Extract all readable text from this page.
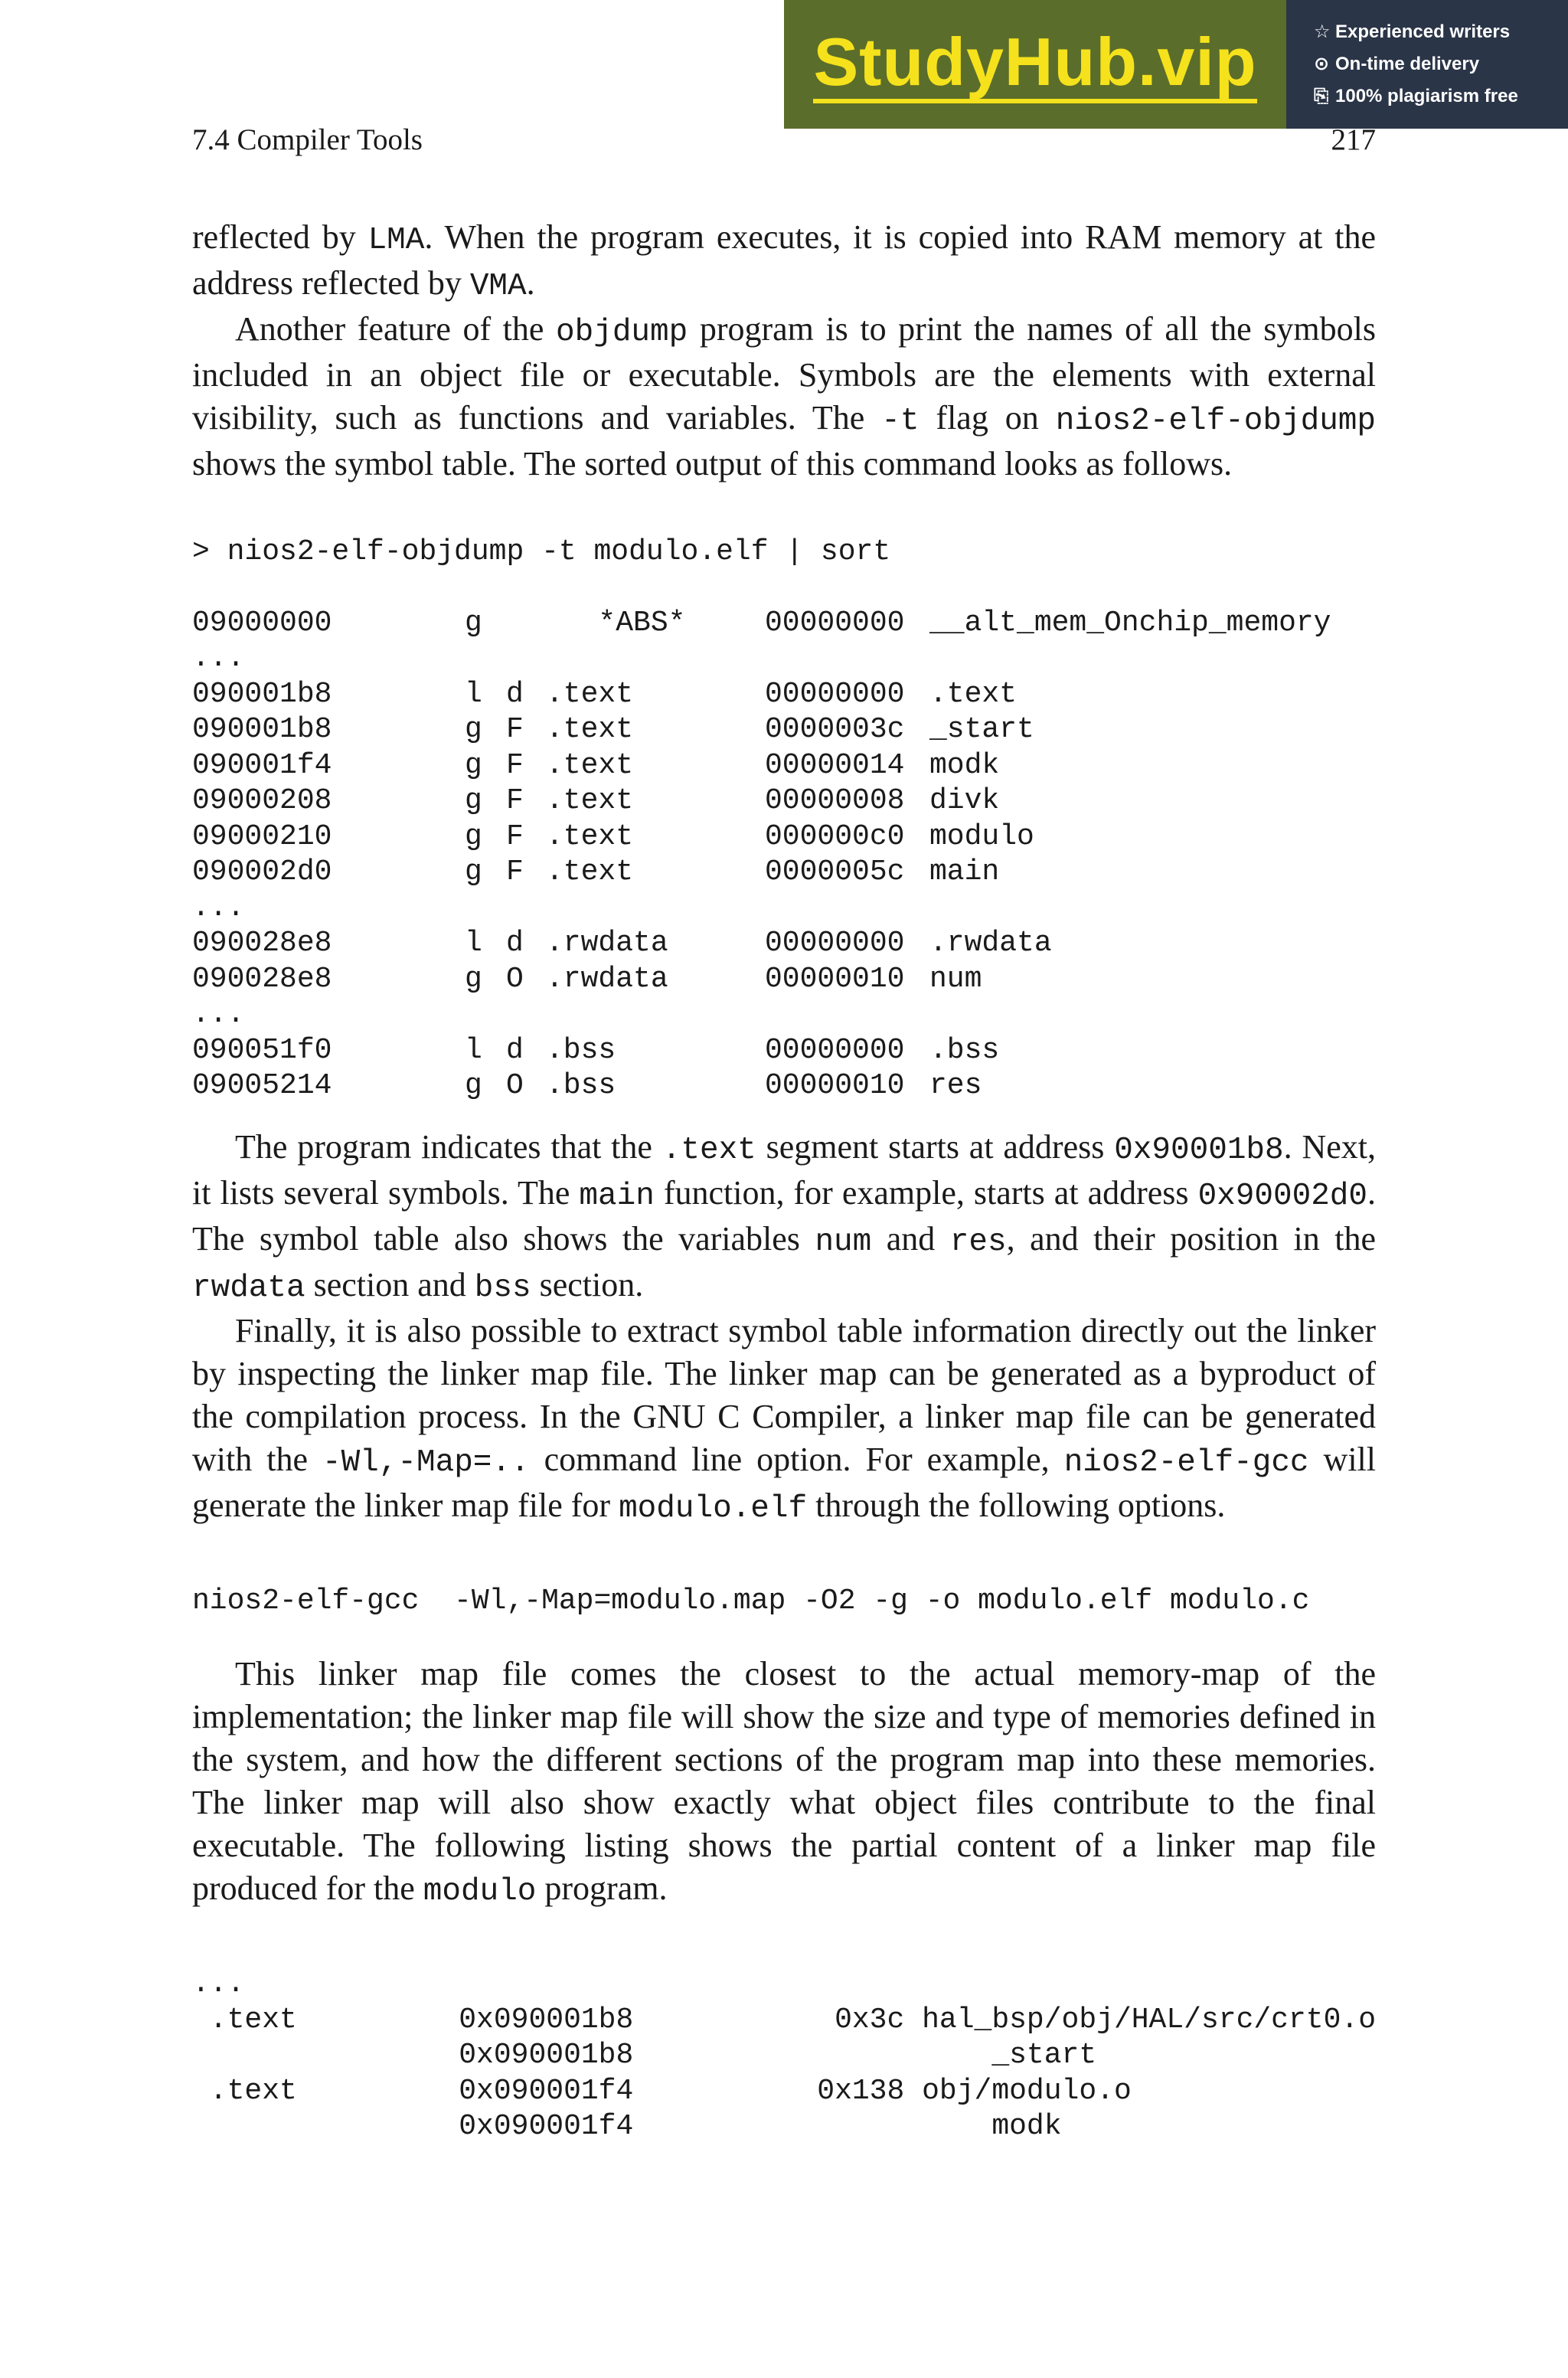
StudyHub.vip	☆ Experienced writers
⊙ On-time delivery
⎘ 100% plagiarism free
7.4 Compiler Tools	217

reflected by LMA. When the program executes, it is copied into RAM memory at the address reflected by VMA.

Another feature of the objdump program is to print the names of all the symbols included in an object file or executable. Symbols are the elements with external visibility, such as functions and variables. The -t flag on nios2-elf-objdump shows the symbol table. The sorted output of this command looks as follows.

> nios2-elf-objdump -t modulo.elf | sort

09000000	g		*ABS*	00000000	__alt_mem_Onchip_memory
...					
090001b8	l	d	.text	00000000	.text
090001b8	g	F	.text	0000003c	_start
090001f4	g	F	.text	00000014	modk
09000208	g	F	.text	00000008	divk
09000210	g	F	.text	000000c0	modulo
090002d0	g	F	.text	0000005c	main
...					
090028e8	l	d	.rwdata	00000000	.rwdata
090028e8	g	O	.rwdata	00000010	num
...					
090051f0	l	d	.bss	00000000	.bss
09005214	g	O	.bss	00000010	res

The program indicates that the .text segment starts at address 0x90001b8. Next, it lists several symbols. The main function, for example, starts at address 0x90002d0. The symbol table also shows the variables num and res, and their position in the rwdata section and bss section.

Finally, it is also possible to extract symbol table information directly out the linker by inspecting the linker map file. The linker map can be generated as a byproduct of the compilation process. In the GNU C Compiler, a linker map file can be generated with the -Wl,-Map=.. command line option. For example, nios2-elf-gcc will generate the linker map file for modulo.elf through the following options.

nios2-elf-gcc  -Wl,-Map=modulo.map -O2 -g -o modulo.elf modulo.c

This linker map file comes the closest to the actual memory-map of the implementation; the linker map file will show the size and type of memories defined in the system, and how the different sections of the program map into these memories. The linker map will also show exactly what object files contribute to the final executable. The following listing shows the partial content of a linker map file produced for the modulo program.

...			
.text	0x090001b8	0x3c	hal_bsp/obj/HAL/src/crt0.o
	0x090001b8		_start
.text	0x090001f4	0x138	obj/modulo.o
	0x090001f4		modk
